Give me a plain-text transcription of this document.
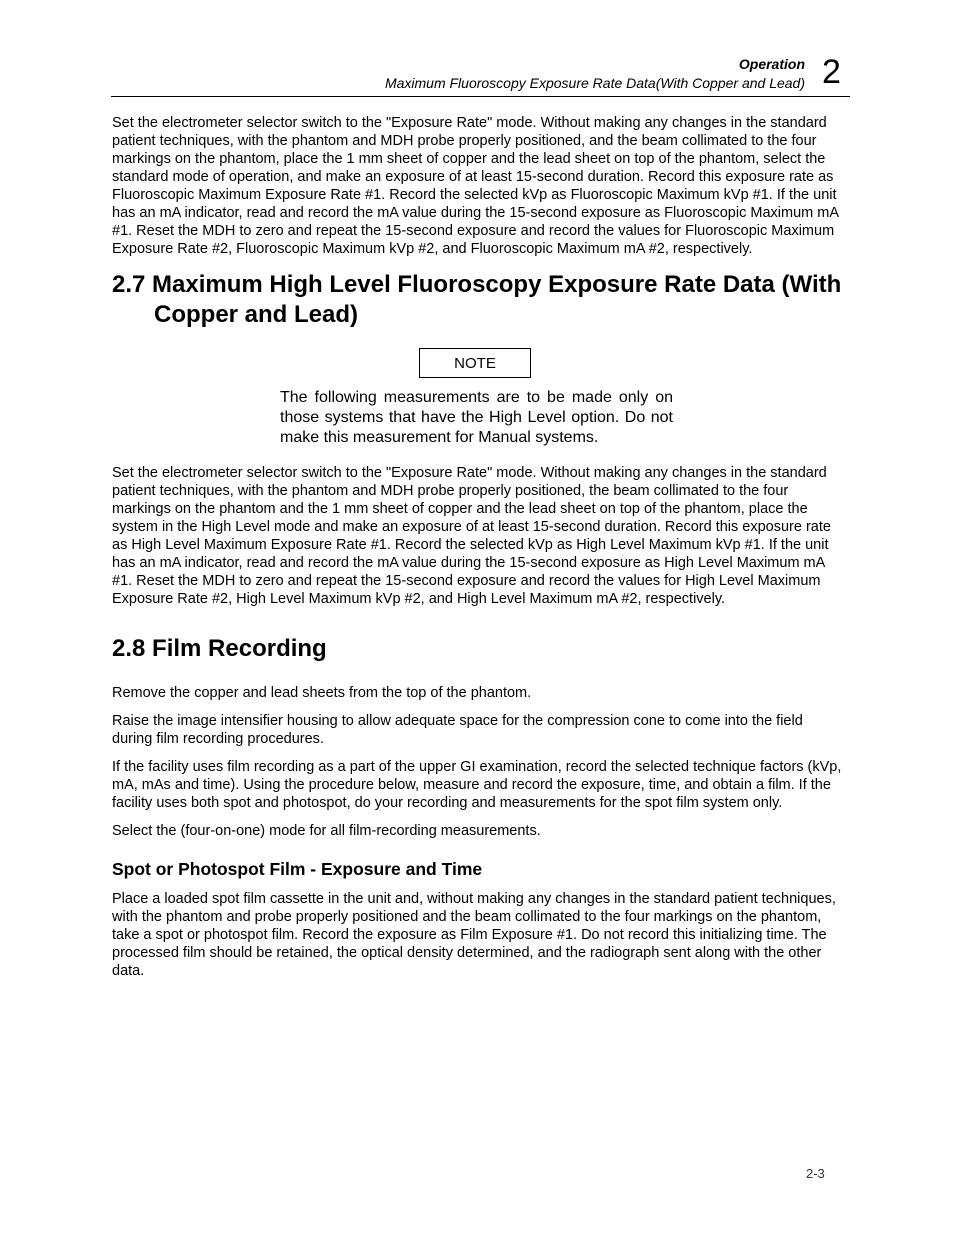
Operation
Maximum Fluoroscopy Exposure Rate Data(With Copper and Lead) 2

Set the electrometer selector switch to the "Exposure Rate" mode. Without making any changes in the standard patient techniques, with the phantom and MDH probe properly positioned, and the beam collimated to the four markings on the phantom, place the 1 mm sheet of copper and the lead sheet on top of the phantom, select the standard mode of operation, and make an exposure of at least 15-second duration. Record this exposure rate as Fluoroscopic Maximum Exposure Rate #1. Record the selected kVp as Fluoroscopic Maximum kVp #1. If the unit has an mA indicator, read and record the mA value during the 15-second exposure as Fluoroscopic Maximum mA #1. Reset the MDH to zero and repeat the 15-second exposure and record the values for Fluoroscopic Maximum Exposure Rate #2, Fluoroscopic Maximum kVp #2, and Fluoroscopic Maximum mA #2, respectively.

2.7 Maximum High Level Fluoroscopy Exposure Rate Data (With Copper and Lead)
NOTE
The following measurements are to be made only on those systems that have the High Level option. Do not make this measurement for Manual systems.

Set the electrometer selector switch to the "Exposure Rate" mode. Without making any changes in the standard patient techniques, with the phantom and MDH probe properly positioned, the beam collimated to the four markings on the phantom and the 1 mm sheet of copper and the lead sheet on top of the phantom, place the system in the High Level mode and make an exposure of at least 15-second duration. Record this exposure rate as High Level Maximum Exposure Rate #1. Record the selected kVp as High Level Maximum kVp #1. If the unit has an mA indicator, read and record the mA value during the 15-second exposure as High Level Maximum mA #1. Reset the MDH to zero and repeat the 15-second exposure and record the values for High Level Maximum Exposure Rate #2, High Level Maximum kVp #2, and High Level Maximum mA #2, respectively.

2.8 Film Recording

Remove the copper and lead sheets from the top of the phantom.

Raise the image intensifier housing to allow adequate space for the compression cone to come into the field during film recording procedures.

If the facility uses film recording as a part of the upper GI examination, record the selected technique factors (kVp, mA, mAs and time). Using the procedure below, measure and record the exposure, time, and obtain a film. If the facility uses both spot and photospot, do your recording and measurements for the spot film system only.

Select the (four-on-one) mode for all film-recording measurements.

Spot or Photospot Film - Exposure and Time

Place a loaded spot film cassette in the unit and, without making any changes in the standard patient techniques, with the phantom and probe properly positioned and the beam collimated to the four markings on the phantom, take a spot or photospot film. Record the exposure as Film Exposure #1. Do not record this initializing time. The processed film should be retained, the optical density determined, and the radiograph sent along with the other data.

2-3
